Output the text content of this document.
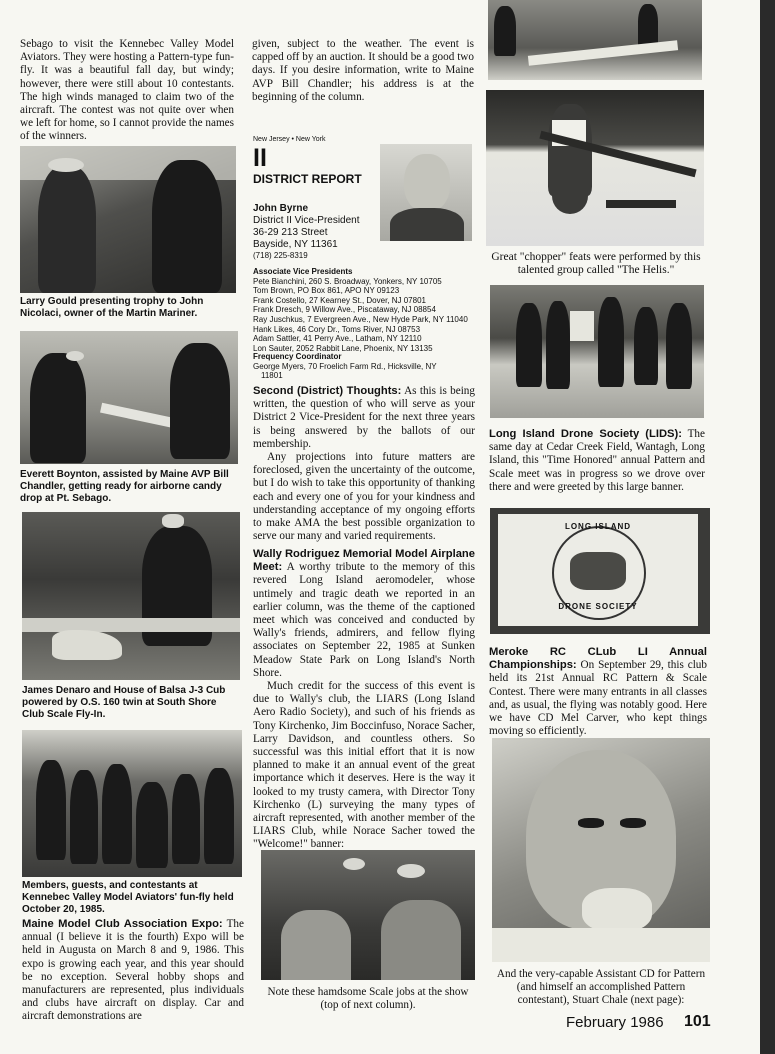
Sebago to visit the Kennebec Valley Model Aviators. They were hosting a Pattern-type fun-fly. It was a beautiful fall day, but windy; however, there were still about 10 contestants. The high winds managed to claim two of the aircraft. The contest was not quite over when we left for home, so I cannot provide the names of the winners.

Larry Gould presenting trophy to John Nicolaci, owner of the Martin Mariner.
Everett Boynton, assisted by Maine AVP Bill Chandler, getting ready for airborne candy drop at Pt. Sebago.
James Denaro and House of Balsa J-3 Cub powered by O.S. 160 twin at South Shore Club Scale Fly-In.
Members, guests, and contestants at Kennebec Valley Model Aviators' fun-fly held October 20, 1985.

Maine Model Club Association Expo: The annual (I believe it is the fourth) Expo will be held in Augusta on March 8 and 9, 1986. This expo is growing each year, and this year should be no exception. Several hobby shops and manufacturers are represented, plus individuals and clubs have aircraft on display. Car and aircraft demonstrations are

given, subject to the weather. The event is capped off by an auction. It should be a good two days. If you desire information, write to Maine AVP Bill Chandler; his address is at the beginning of the column.

New Jersey • New York
II
DISTRICT REPORT
John Byrne
District II Vice-President
36-29 213 Street
Bayside, NY 11361
(718) 225-8319
Associate Vice Presidents
Pete Bianchini, 260 S. Broadway, Yonkers, NY 10705
Tom Brown, PO Box 861, APO NY 09123
Frank Costello, 27 Kearney St., Dover, NJ 07801
Frank Dresch, 9 Willow Ave., Piscataway, NJ 08854
Ray Juschkus, 7 Evergreen Ave., New Hyde Park, NY 11040
Hank Likes, 46 Cory Dr., Toms River, NJ 08753
Adam Sattler, 41 Perry Ave., Latham, NY 12110
Lon Sauter, 2052 Rabbit Lane, Phoenix, NY 13135
Frequency Coordinator
George Myers, 70 Froelich Farm Rd., Hicksville, NY
11801

Second (District) Thoughts: As this is being written, the question of who will serve as your District 2 Vice-President for the next three years is being answered by the ballots of our membership.

Any projections into future matters are foreclosed, given the uncertainty of the outcome, but I do wish to take this opportunity of thanking each and every one of you for your kindness and understanding acceptance of my ongoing efforts to make AMA the best possible organization to serve our many and varied requirements.

Wally Rodriguez Memorial Model Airplane Meet: A worthy tribute to the memory of this revered Long Island aeromodeler, whose untimely and tragic death we reported in an earlier column, was the theme of the captioned meet which was conceived and conducted by Wally's friends, admirers, and fellow flying associates on September 22, 1985 at Sunken Meadow State Park on Long Island's North Shore.

Much credit for the success of this event is due to Wally's club, the LIARS (Long Island Aero Radio Society), and such of his friends as Tony Kirchenko, Jim Boccinfuso, Norace Sacher, Larry Davidson, and countless others. So successful was this initial effort that it is now planned to make it an annual event of the great importance which it deserves. Here is the way it looked to my trusty camera, with Director Tony Kirchenko (L) surveying the many types of aircraft represented, with another member of the LIARS Club, while Norace Sacher towed the "Welcome!" banner:

Note these hamdsome Scale jobs at the show (top of next column).
Great "chopper" feats were performed by this talented group called "The Helis."

Long Island Drone Society (LIDS): The same day at Cedar Creek Field, Wantagh, Long Island, this "Time Honored" annual Pattern and Scale meet was in progress so we drove over there and were greeted by this large banner.

LONG ISLAND
DRONE SOCIETY

Meroke RC CLub LI Annual Championships: On September 29, this club held its 21st Annual RC Pattern & Scale Contest. There were many entrants in all classes and, as usual, the flying was notably good. Here we have CD Mel Carver, who kept things moving so efficiently.

And the very-capable Assistant CD for Pattern (and himself an accomplished Pattern contestant), Stuart Chale (next page):
February 1986 101
